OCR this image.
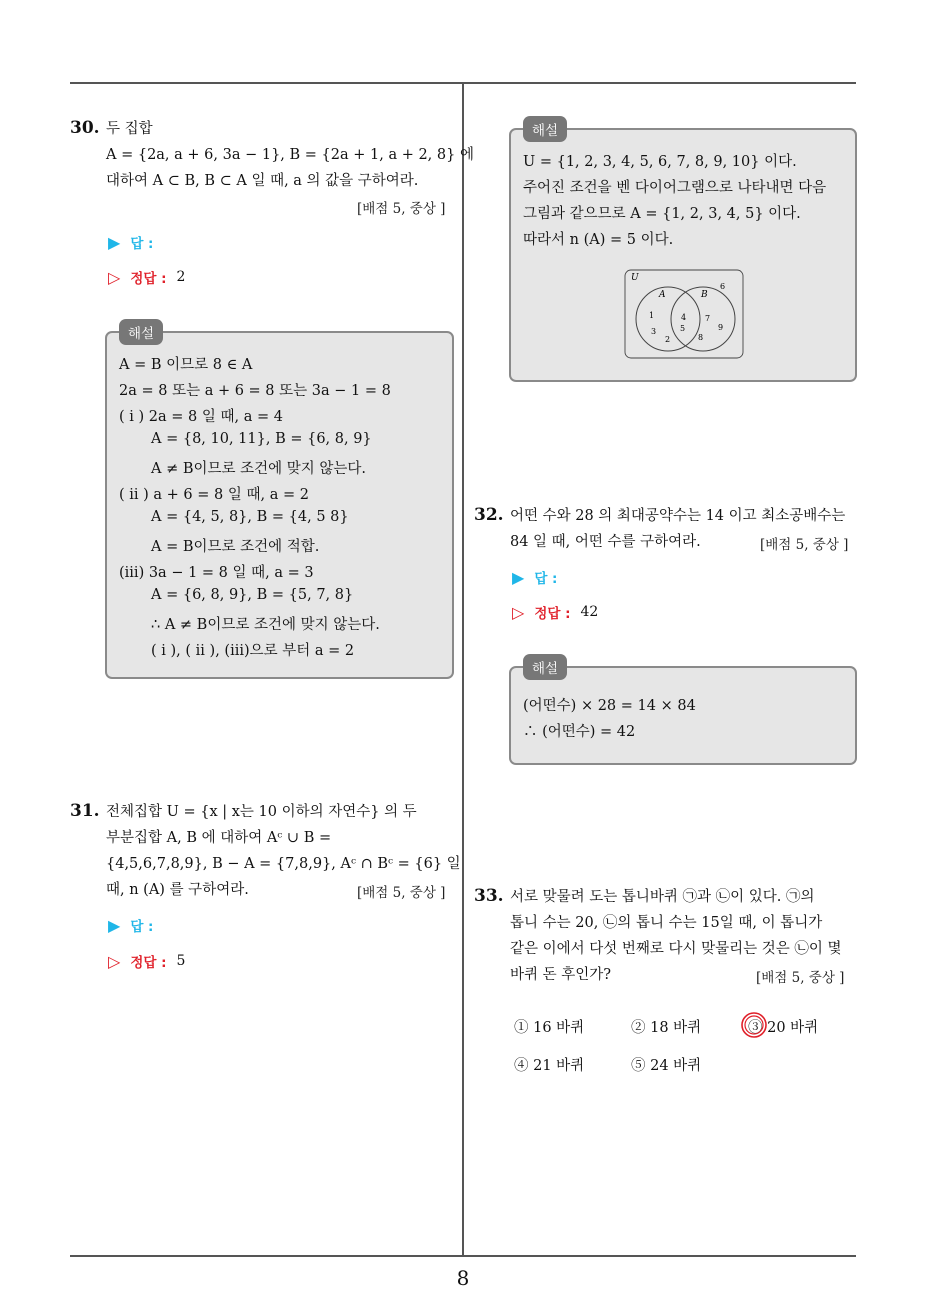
8
30. 두 집합
A = {2a, a + 6, 3a − 1}, B = {2a + 1, a + 2, 8} 에
대하여 A ⊂ B, B ⊂ A 일 때, a 의 값을 구하여라.
[배점 5, 중상 ]
▶ 답 :
▷ 정답 : 2
해설
A = B 이므로 8 ∈ A
2a = 8 또는 a + 6 = 8 또는 3a − 1 = 8
( i ) 2a = 8 일 때, a = 4
A = {8, 10, 11}, B = {6, 8, 9}
A ≠ B이므로 조건에 맞지 않는다.
( ii ) a + 6 = 8 일 때, a = 2
A = {4, 5, 8}, B = {4, 5 8}
A = B이므로 조건에 적합.
(iii) 3a − 1 = 8 일 때, a = 3
A = {6, 8, 9}, B = {5, 7, 8}
∴ A ≠ B이므로 조건에 맞지 않는다.
( i ), ( ii ), (iii)으로 부터 a = 2
31. 전체집합 U = {x | x는 10 이하의 자연수} 의 두
부분집합 A, B 에 대하여 Aᶜ ∪ B =
{4,5,6,7,8,9}, B − A = {7,8,9}, Aᶜ ∩ Bᶜ = {6} 일
때, n (A) 를 구하여라.	[배점 5, 중상 ]
▶ 답 :
▷ 정답 : 5
해설
U = {1, 2, 3, 4, 5, 6, 7, 8, 9, 10} 이다.
주어진 조건을 벤 다이어그램으로 나타내면 다음
그림과 같으므로 A = {1, 2, 3, 4, 5} 이다.
따라서 n (A) = 5 이다.
U
A	B
6
1
3
2
4
5
7
9
8
32. 어떤 수와 28 의 최대공약수는 14 이고 최소공배수는
84 일 때, 어떤 수를 구하여라.	[배점 5, 중상 ]
▶ 답 :
▷ 정답 : 42
해설
(어떤수) × 28 = 14 × 84
∴ (어떤수) = 42
33. 서로 맞물려 도는 톱니바퀴 ㉠과 ㉡이 있다. ㉠의
톱니 수는 20, ㉡의 톱니 수는 15일 때, 이 톱니가
같은 이에서 다섯 번째로 다시 맞물리는 것은 ㉡이 몇
바퀴 돈 후인가?	[배점 5, 중상 ]
① 16 바퀴	② 18 바퀴	③ 20 바퀴
④ 21 바퀴	⑤ 24 바퀴
